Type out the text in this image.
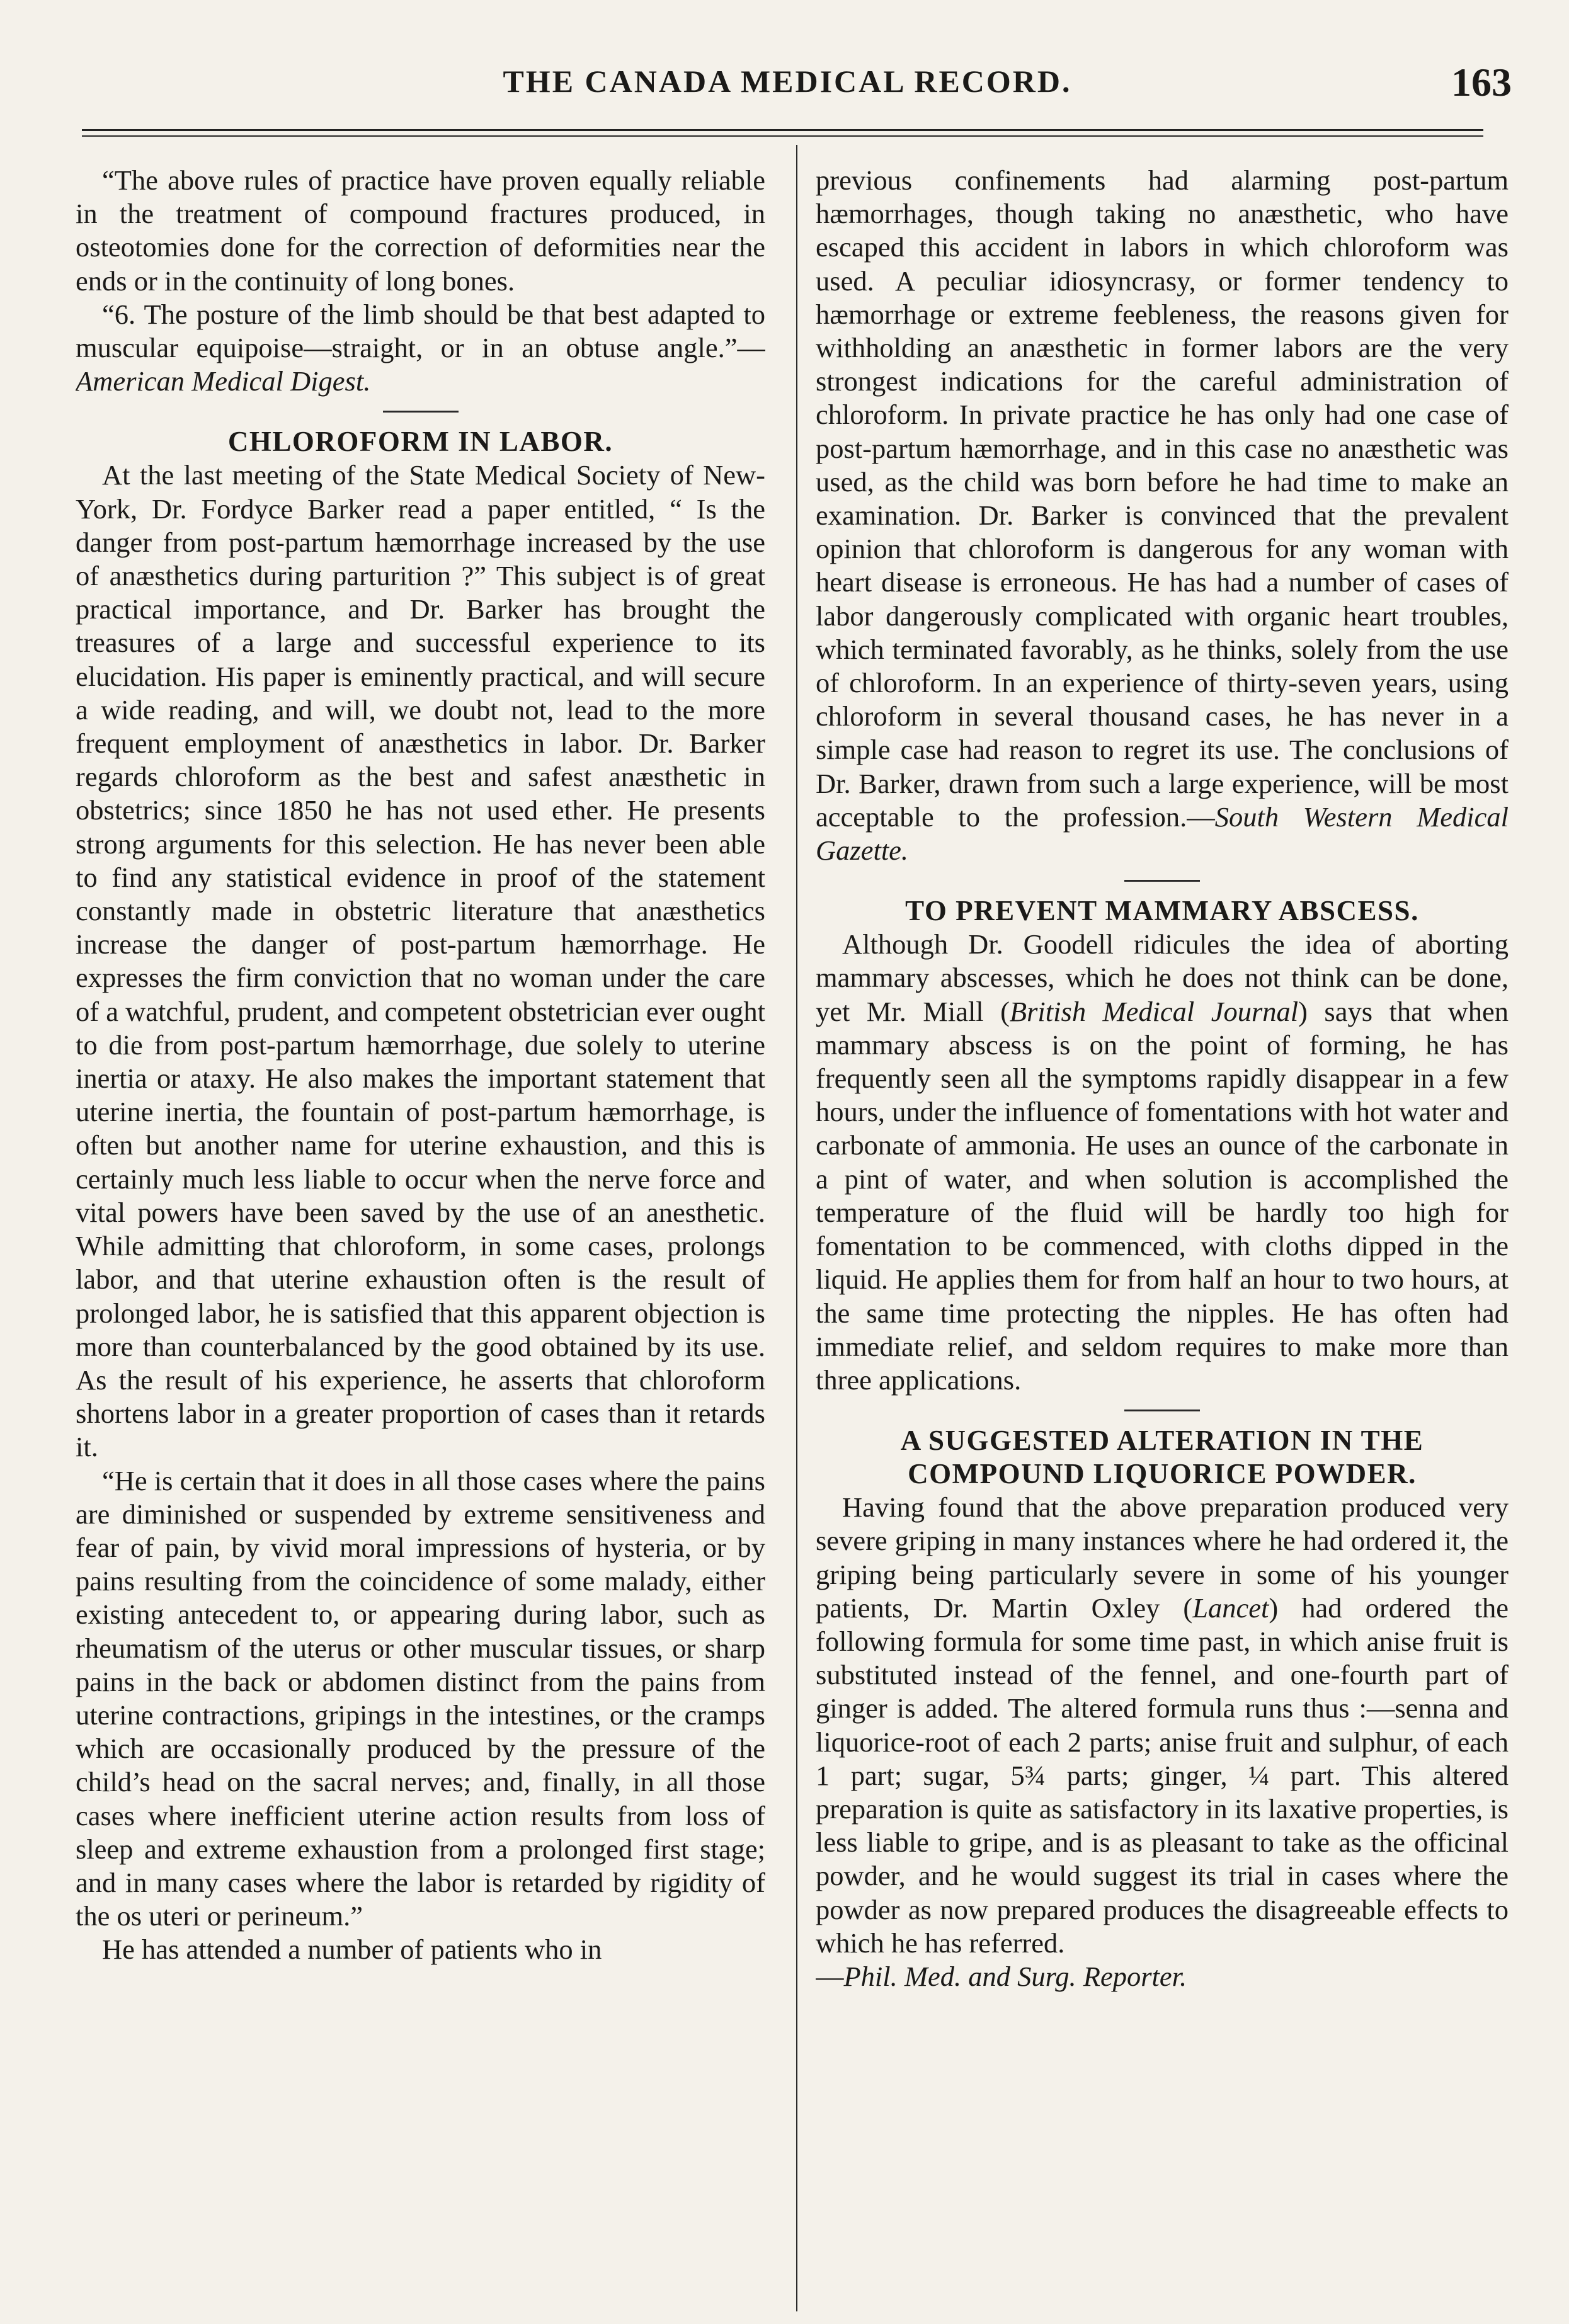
THE CANADA MEDICAL RECORD.	163

“The above rules of practice have proven equally reliable in the treatment of compound fractures produced, in osteotomies done for the correction of deformities near the ends or in the continuity of long bones.

“6. The posture of the limb should be that best adapted to muscular equipoise—straight, or in an obtuse angle.”—American Medical Digest.

CHLOROFORM IN LABOR.

At the last meeting of the State Medical Society of New-York, Dr. Fordyce Barker read a paper entitled, “ Is the danger from post-partum hæmorrhage increased by the use of anæsthetics during parturition ?” This subject is of great practical importance, and Dr. Barker has brought the treasures of a large and successful experience to its elucidation. His paper is eminently practical, and will secure a wide reading, and will, we doubt not, lead to the more frequent employment of anæsthetics in labor. Dr. Barker regards chloroform as the best and safest anæsthetic in obstetrics; since 1850 he has not used ether. He presents strong arguments for this selection. He has never been able to find any statistical evidence in proof of the statement constantly made in obstetric literature that anæsthetics increase the danger of post-partum hæmorrhage. He expresses the firm conviction that no woman under the care of a watchful, prudent, and competent obstetrician ever ought to die from post-partum hæmorrhage, due solely to uterine inertia or ataxy. He also makes the important statement that uterine inertia, the fountain of post-partum hæmorrhage, is often but another name for uterine exhaustion, and this is certainly much less liable to occur when the nerve force and vital powers have been saved by the use of an anesthetic. While admitting that chloroform, in some cases, prolongs labor, and that uterine exhaustion often is the result of prolonged labor, he is satisfied that this apparent objection is more than counterbalanced by the good obtained by its use. As the result of his experience, he asserts that chloroform shortens labor in a greater proportion of cases than it retards it.

“He is certain that it does in all those cases where the pains are diminished or suspended by extreme sensitiveness and fear of pain, by vivid moral impressions of hysteria, or by pains resulting from the coincidence of some malady, either existing antecedent to, or appearing during labor, such as rheumatism of the uterus or other muscular tissues, or sharp pains in the back or abdomen distinct from the pains from uterine contractions, gripings in the intestines, or the cramps which are occasionally produced by the pressure of the child’s head on the sacral nerves; and, finally, in all those cases where inefficient uterine action results from loss of sleep and extreme exhaustion from a prolonged first stage; and in many cases where the labor is retarded by rigidity of the os uteri or perineum.”

He has attended a number of patients who in

previous confinements had alarming post-partum hæmorrhages, though taking no anæsthetic, who have escaped this accident in labors in which chloroform was used. A peculiar idiosyncrasy, or former tendency to hæmorrhage or extreme feebleness, the reasons given for withholding an anæsthetic in former labors are the very strongest indications for the careful administration of chloroform. In private practice he has only had one case of post-partum hæmorrhage, and in this case no anæsthetic was used, as the child was born before he had time to make an examination. Dr. Barker is convinced that the prevalent opinion that chloroform is dangerous for any woman with heart disease is erroneous. He has had a number of cases of labor dangerously complicated with organic heart troubles, which terminated favorably, as he thinks, solely from the use of chloroform. In an experience of thirty-seven years, using chloroform in several thousand cases, he has never in a simple case had reason to regret its use. The conclusions of Dr. Barker, drawn from such a large experience, will be most acceptable to the profession.—South Western Medical Gazette.

TO PREVENT MAMMARY ABSCESS.

Although Dr. Goodell ridicules the idea of aborting mammary abscesses, which he does not think can be done, yet Mr. Miall (British Medical Journal) says that when mammary abscess is on the point of forming, he has frequently seen all the symptoms rapidly disappear in a few hours, under the influence of fomentations with hot water and carbonate of ammonia. He uses an ounce of the carbonate in a pint of water, and when solution is accomplished the temperature of the fluid will be hardly too high for fomentation to be commenced, with cloths dipped in the liquid. He applies them for from half an hour to two hours, at the same time protecting the nipples. He has often had immediate relief, and seldom requires to make more than three applications.

A SUGGESTED ALTERATION IN THE
COMPOUND LIQUORICE POWDER.

Having found that the above preparation produced very severe griping in many instances where he had ordered it, the griping being particularly severe in some of his younger patients, Dr. Martin Oxley (Lancet) had ordered the following formula for some time past, in which anise fruit is substituted instead of the fennel, and one-fourth part of ginger is added. The altered formula runs thus :—senna and liquorice-root of each 2 parts; anise fruit and sulphur, of each 1 part; sugar, 5¾ parts; ginger, ¼ part. This altered preparation is quite as satisfactory in its laxative properties, is less liable to gripe, and is as pleasant to take as the officinal powder, and he would suggest its trial in cases where the powder as now prepared produces the disagreeable effects to which he has referred.

—Phil. Med. and Surg. Reporter.
